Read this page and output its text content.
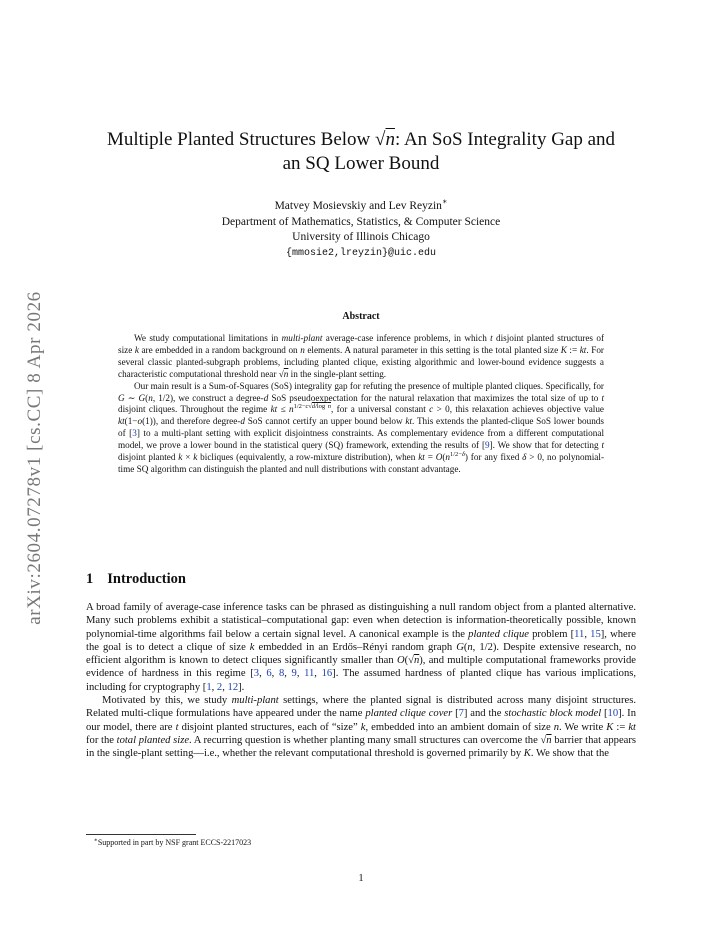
arXiv:2604.07278v1 [cs.CC] 8 Apr 2026
Multiple Planted Structures Below √n: An SoS Integrality Gap and
an SQ Lower Bound
Matvey Mosievskiy and Lev Reyzin∗
Department of Mathematics, Statistics, & Computer Science
University of Illinois Chicago
{mmosie2,lreyzin}@uic.edu
Abstract

We study computational limitations in multi-plant average-case inference problems, in which t disjoint planted structures of size k are embedded in a random background on n elements. A natural parameter in this setting is the total planted size K := kt. For several classic planted-subgraph problems, including planted clique, existing algorithmic and lower-bound evidence suggests a characteristic computational threshold near √n in the single-plant setting.

Our main result is a Sum-of-Squares (SoS) integrality gap for refuting the presence of multiple planted cliques. Specifically, for G ∼ G(n, 1/2), we construct a degree-d SoS pseudoexpectation for the natural relaxation that maximizes the total size of up to t disjoint cliques. Throughout the regime kt ≤ $n^{1/2-c√d/log n}$, for a universal constant c > 0, this relaxation achieves objective value kt(1−o(1)), and therefore degree-d SoS cannot certify an upper bound below kt. This extends the planted-clique SoS lower bounds of [3] to a multi-plant setting with explicit disjointness constraints. As complementary evidence from a different computational model, we prove a lower bound in the statistical query (SQ) framework, extending the results of [9]. We show that for detecting t disjoint planted k × k bicliques (equivalently, a row-mixture distribution), when kt = $O(n^{1/2-\delta})$ for any fixed δ > 0, no polynomial-time SQ algorithm can distinguish the planted and null distributions with constant advantage.

1 Introduction

A broad family of average-case inference tasks can be phrased as distinguishing a null random object from a planted alternative. Many such problems exhibit a statistical–computational gap: even when detection is information-theoretically possible, known polynomial-time algorithms fail below a certain signal level. A canonical example is the planted clique problem [11, 15], where the goal is to detect a clique of size k embedded in an Erdős–Rényi random graph G(n, 1/2). Despite extensive research, no efficient algorithm is known to detect cliques significantly smaller than O(√n), and multiple computational frameworks provide evidence of hardness in this regime [3, 6, 8, 9, 11, 16]. The assumed hardness of planted clique has various implications, including for cryptography [1, 2, 12].

Motivated by this, we study multi-plant settings, where the planted signal is distributed across many disjoint structures. Related multi-clique formulations have appeared under the name planted clique cover [7] and the stochastic block model [10]. In our model, there are t disjoint planted structures, each of “size” k, embedded into an ambient domain of size n. We write K := kt for the total planted size. A recurring question is whether planting many small structures can overcome the √n barrier that appears in the single-plant setting—i.e., whether the relevant computational threshold is governed primarily by K. We show that the

∗Supported in part by NSF grant ECCS-2217023
1
